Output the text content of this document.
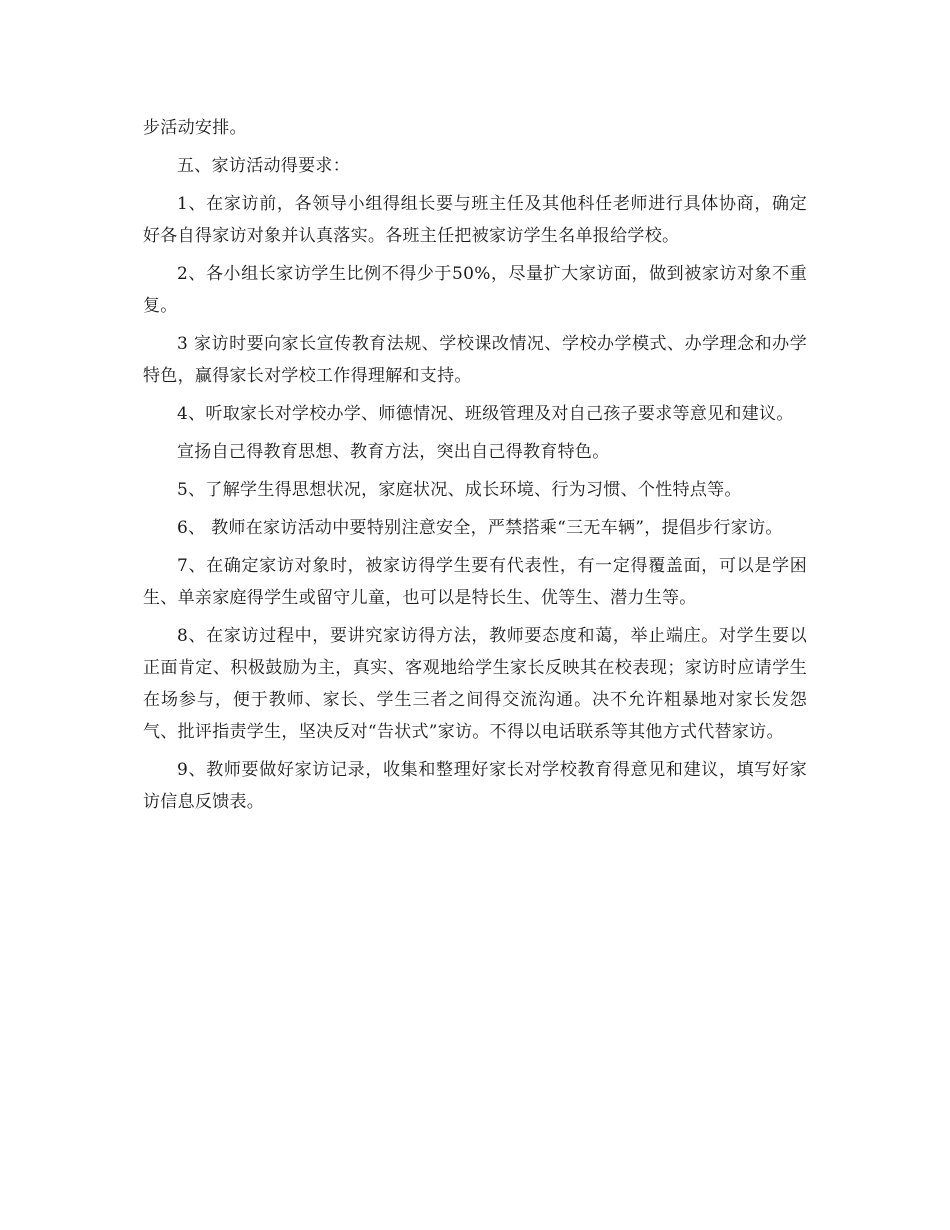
步活动安排。

五、家访活动得要求：

1、在家访前，各领导小组得组长要与班主任及其他科任老师进行具体协商，确定好各自得家访对象并认真落实。各班主任把被家访学生名单报给学校。

2、各小组长家访学生比例不得少于50%，尽量扩大家访面，做到被家访对象不重复。

3 家访时要向家长宣传教育法规、学校课改情况、学校办学模式、办学理念和办学特色，赢得家长对学校工作得理解和支持。

4、听取家长对学校办学、师德情况、班级管理及对自己孩子要求等意见和建议。

宣扬自己得教育思想、教育方法，突出自己得教育特色。

5、了解学生得思想状况，家庭状况、成长环境、行为习惯、个性特点等。

6、 教师在家访活动中要特别注意安全，严禁搭乘“三无车辆”，提倡步行家访。

7、在确定家访对象时，被家访得学生要有代表性，有一定得覆盖面，可以是学困生、单亲家庭得学生或留守儿童，也可以是特长生、优等生、潜力生等。

8、在家访过程中，要讲究家访得方法，教师要态度和蔼，举止端庄。对学生要以正面肯定、积极鼓励为主，真实、客观地给学生家长反映其在校表现；家访时应请学生在场参与，便于教师、家长、学生三者之间得交流沟通。决不允许粗暴地对家长发怨气、批评指责学生，坚决反对“告状式”家访。不得以电话联系等其他方式代替家访。

9、教师要做好家访记录，收集和整理好家长对学校教育得意见和建议，填写好家访信息反馈表。
